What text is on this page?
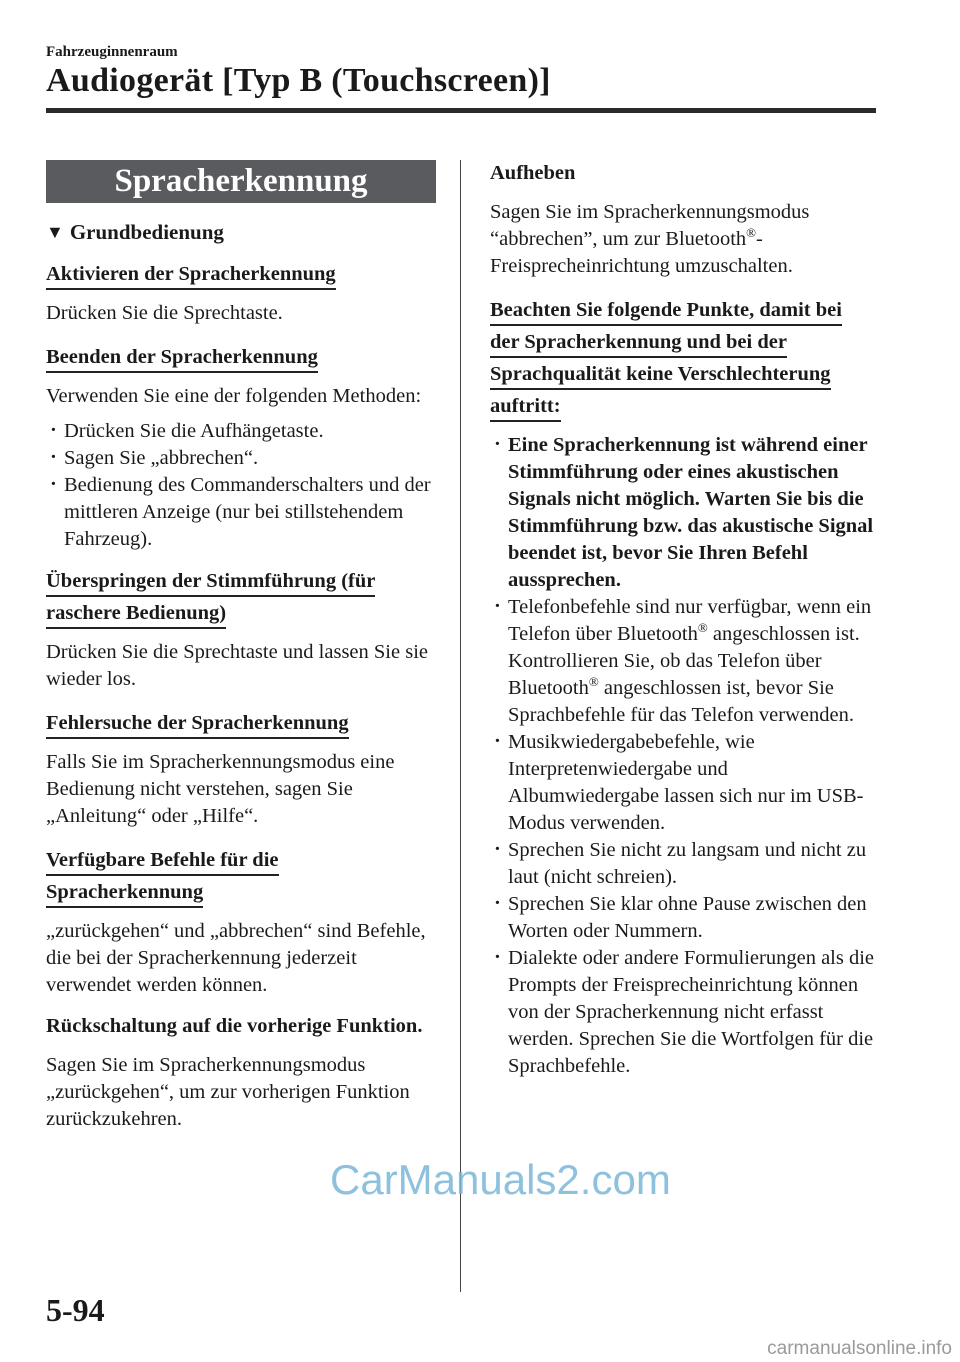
Fahrzeuginnenraum
Audiogerät [Typ B (Touchscreen)]
Spracherkennung
▼ Grundbedienung
Aktivieren der Spracherkennung

Drücken Sie die Sprechtaste.

Beenden der Spracherkennung

Verwenden Sie eine der folgenden Methoden:

· Drücken Sie die Aufhängetaste.
· Sagen Sie „abbrechen“.
· Bedienung des Commanderschalters und der mittleren Anzeige (nur bei stillstehendem Fahrzeug).
Überspringen der Stimmführung (für
raschere Bedienung)

Drücken Sie die Sprechtaste und lassen Sie sie wieder los.

Fehlersuche der Spracherkennung

Falls Sie im Spracherkennungsmodus eine Bedienung nicht verstehen, sagen Sie „Anleitung“ oder „Hilfe“.

Verfügbare Befehle für die
Spracherkennung

„zurückgehen“ und „abbrechen“ sind Befehle, die bei der Spracherkennung jederzeit verwendet werden können.

Rückschaltung auf die vorherige Funktion.

Sagen Sie im Spracherkennungsmodus „zurückgehen“, um zur vorherigen Funktion zurückzukehren.

Aufheben

Sagen Sie im Spracherkennungsmodus “abbrechen”, um zur Bluetooth®-Freisprecheinrichtung umzuschalten.

Beachten Sie folgende Punkte, damit bei
der Spracherkennung und bei der
Sprachqualität keine Verschlechterung
auftritt:
· Eine Spracherkennung ist während einer Stimmführung oder eines akustischen Signals nicht möglich. Warten Sie bis die Stimmführung bzw. das akustische Signal beendet ist, bevor Sie Ihren Befehl aussprechen.
· Telefonbefehle sind nur verfügbar, wenn ein Telefon über Bluetooth® angeschlossen ist. Kontrollieren Sie, ob das Telefon über Bluetooth® angeschlossen ist, bevor Sie Sprachbefehle für das Telefon verwenden.
· Musikwiedergabebefehle, wie Interpretenwiedergabe und Albumwiedergabe lassen sich nur im USB-Modus verwenden.
· Sprechen Sie nicht zu langsam und nicht zu laut (nicht schreien).
· Sprechen Sie klar ohne Pause zwischen den Worten oder Nummern.
· Dialekte oder andere Formulierungen als die Prompts der Freisprecheinrichtung können von der Spracherkennung nicht erfasst werden. Sprechen Sie die Wortfolgen für die Sprachbefehle.
CarManuals2.com
5-94
carmanualsonline.info
